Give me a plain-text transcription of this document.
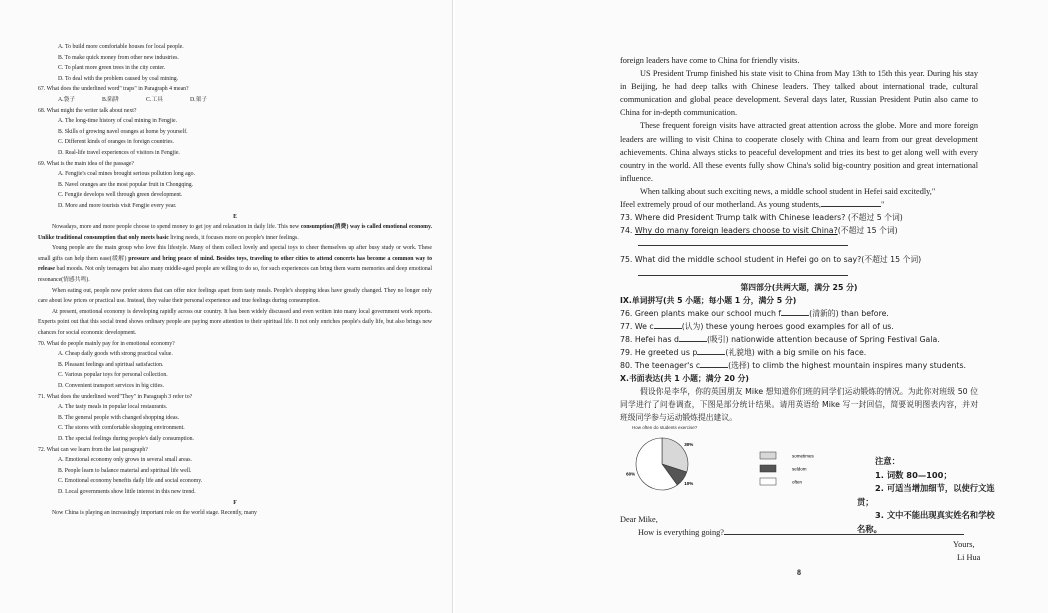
A. To build more comfortable houses for local people.
B. To make quick money from other new industries.
C. To plant more green trees in the city center.
D. To deal with the problem caused by coal mining.
67. What does the underlined word" traps" in Paragraph 4 mean?
A.袋子	B.陷阱	C.工具	D.架子
68. What might the writer talk about next?
A. The long-time history of coal mining in Fengjie.
B. Skills of growing navel oranges at home by yourself.
C. Different kinds of oranges in foreign countries.
D. Real-life travel experiences of visitors in Fengjie.
69. What is the main idea of the passage?
A. Fengjie's coal mines brought serious pollution long ago.
B. Navel oranges are the most popular fruit in Chongqing.
C. Fengjie develops well through green development.
D. More and more tourists visit Fengjie every year.
E
Nowadays, more and more people choose to spend money to get joy and relaxation in daily life. This new consumption(消费) way is called emotional economy. Unlike traditional consumption that only meets basic living needs, it focuses more on people's inner feelings.
Young people are the main group who love this lifestyle. Many of them collect lovely and special toys to cheer themselves up after busy study or work. These small gifts can help them ease(缓解) pressure and bring peace of mind. Besides toys, traveling to other cities to attend concerts has become a common way to release bad moods. Not only teenagers but also many middle-aged people are willing to do so, for such experiences can bring them warm memories and deep emotional resonance(情感共鸣).
When eating out, people now prefer stores that can offer nice feelings apart from tasty meals. People's shopping ideas have greatly changed. They no longer only care about low prices or practical use. Instead, they value their personal experience and true feelings during consumption.
At present, emotional economy is developing rapidly across our country. It has been widely discussed and even written into many local government work reports. Experts point out that this social trend shows ordinary people are paying more attention to their spiritual life. It not only enriches people's daily life, but also brings new chances for social economic development.
70. What do people mainly pay for in emotional economy?
A. Cheap daily goods with strong practical value.
B. Pleasant feelings and spiritual satisfaction.
C. Various popular toys for personal collection.
D. Convenient transport services in big cities.
71. What does the underlined word"They" in Paragraph 3 refer to?
A. The tasty meals in popular local restaurants.
B. The general people with changed shopping ideas.
C. The stores with comfortable shopping environment.
D. The special feelings during people's daily consumption.
72. What can we learn from the last paragraph?
A. Emotional economy only grows in several small areas.
B. People learn to balance material and spiritual life well.
C. Emotional economy benefits daily life and social economy.
D. Local governments show little interest in this new trend.
F
Now China is playing an increasingly important role on the world stage. Recently, many
foreign leaders have come to China for friendly visits.
US President Trump finished his state visit to China from May 13th to 15th this year. During his stay in Beijing, he had deep talks with Chinese leaders. They talked about international trade, cultural communication and global peace development. Several days later, Russian President Putin also came to China for in-depth communication.
These frequent foreign visits have attracted great attention across the globe. More and more foreign leaders are willing to visit China to cooperate closely with China and learn from our great development achievements. China always sticks to peaceful development and tries its best to get along well with every country in the world. All these events fully show China's solid big-country position and great international influence.
When talking about such exciting news, a middle school student in Hefei said excitedly,"
Ifeel extremely proud of our motherland. As young students,	"
73. Where did President Trump talk with Chinese leaders? (不超过 5 个词)
74. Why do many foreign leaders choose to visit China?(不超过 15 个词)
75. What did the middle school student in Hefei go on to say?(不超过 15 个词)
第四部分(共两大题，满分 25 分)
IX.单词拼写(共 5 小题；每小题 1 分，满分 5 分)
76. Green plants make our school much f	(清新的) than before.
77. We c	(认为) these young heroes good examples for all of us.
78. Hefei has d	(吸引) nationwide attention because of Spring Festival Gala.
79. He greeted us p	(礼貌地) with a big smile on his face.
80. The teenager's c	(选择) to climb the highest mountain inspires many students.
X.书面表达(共 1 小题；满分 20 分)
假设你是李华，你的英国朋友 Mike 想知道你们班的同学们运动锻炼的情况。为此你对班级 50 位同学进行了问卷调查，下图是部分统计结果。请用英语给 Mike 写一封回信，简要说明图表内容，并对班级同学参与运动锻炼提出建议。
How often do students exercise?
30%
10%
60%
sometimes
seldom
often
注意：
1. 词数 80—100；
2. 可适当增加细节，以使行文连贯；
3. 文中不能出现真实姓名和学校名称。
Dear Mike,
How is everything going?
Yours,
Li Hua
8
